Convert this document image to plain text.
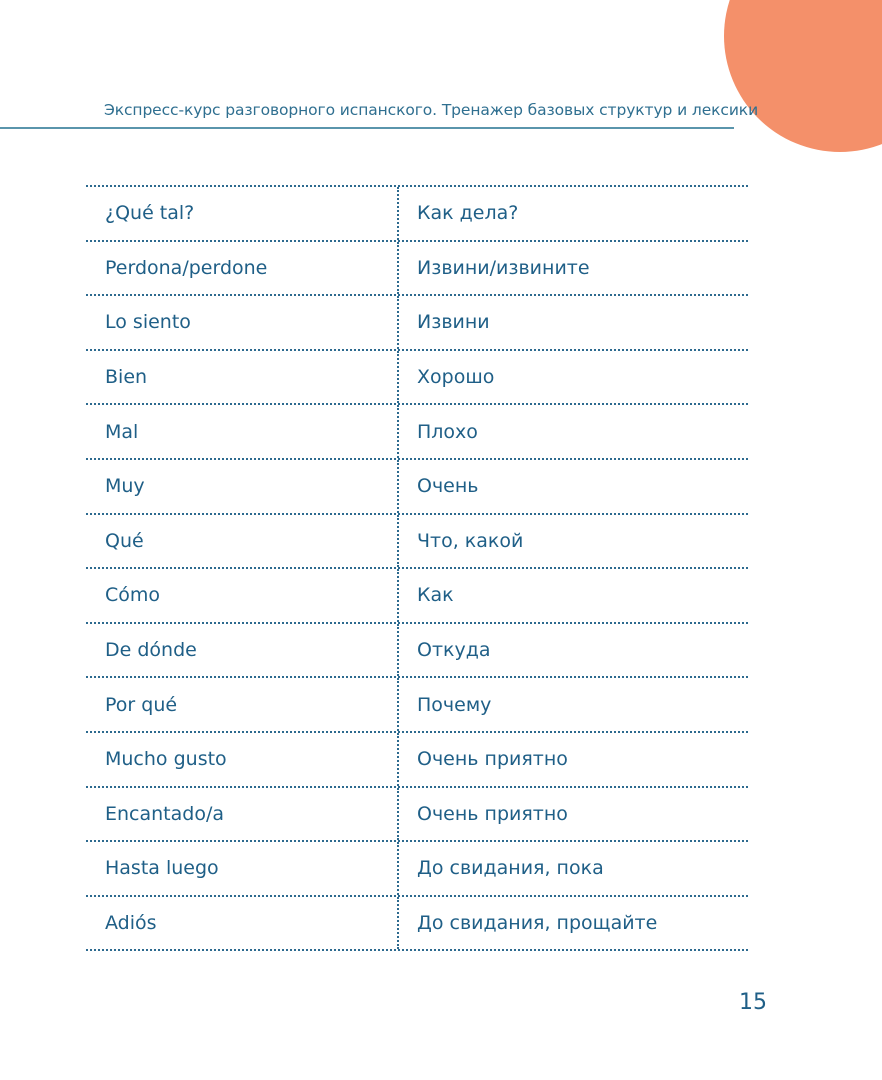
Экспресс-курс разговорного испанского. Тренажер базовых структур и лексики
¿Qué tal?	Как дела?
Perdona/perdone	Извини/извините
Lo siento	Извини
Bien	Хорошо
Mal	Плохо
Muy	Очень
Qué	Что, какой
Cómo	Как
De dónde	Откуда
Por qué	Почему
Mucho gusto	Очень приятно
Encantado/a	Очень приятно
Hasta luego	До свидания, пока
Adiós	До свидания, прощайте
15
